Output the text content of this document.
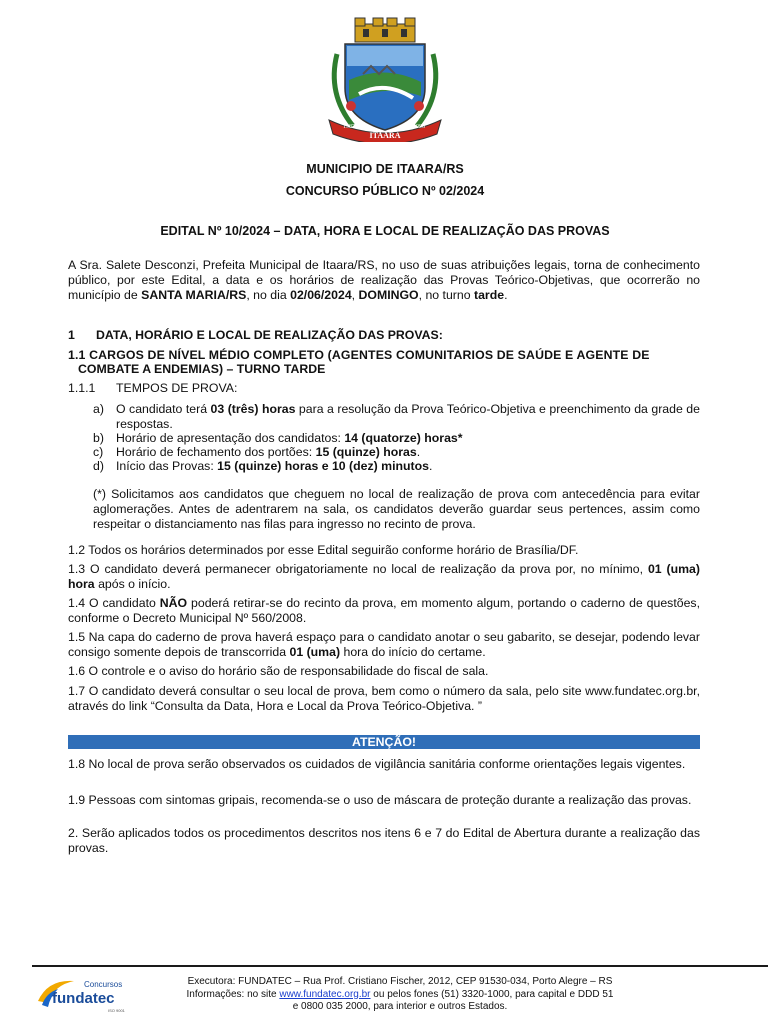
ITAARA
1987	1996
MUNICIPIO DE ITAARA/RS
CONCURSO PÚBLICO Nº 02/2024
EDITAL Nº 10/2024 – DATA, HORA E LOCAL DE REALIZAÇÃO DAS PROVAS
A Sra. Salete Desconzi, Prefeita Municipal de Itaara/RS, no uso de suas atribuições legais, torna de conhecimento público, por este Edital, a data e os horários de realização das Provas Teórico-Objetivas, que ocorrerão no município de SANTA MARIA/RS, no dia 02/06/2024, DOMINGO, no turno tarde.
1 DATA, HORÁRIO E LOCAL DE REALIZAÇÃO DAS PROVAS:
1.1 CARGOS DE NÍVEL MÉDIO COMPLETO (AGENTES COMUNITARIOS DE SAÚDE E AGENTE DE
COMBATE A ENDEMIAS) – TURNO TARDE
1.1.1 TEMPOS DE PROVA:
a) O candidato terá 03 (três) horas para a resolução da Prova Teórico-Objetiva e preenchimento da grade de respostas.
b) Horário de apresentação dos candidatos: 14 (quatorze) horas*
c) Horário de fechamento dos portões: 15 (quinze) horas.
d) Início das Provas: 15 (quinze) horas e 10 (dez) minutos.
(*) Solicitamos aos candidatos que cheguem no local de realização de prova com antecedência para evitar aglomerações. Antes de adentrarem na sala, os candidatos deverão guardar seus pertences, assim como respeitar o distanciamento nas filas para ingresso no recinto de prova.
1.2 Todos os horários determinados por esse Edital seguirão conforme horário de Brasília/DF.
1.3 O candidato deverá permanecer obrigatoriamente no local de realização da prova por, no mínimo, 01 (uma) hora após o início.
1.4 O candidato NÃO poderá retirar-se do recinto da prova, em momento algum, portando o caderno de questões, conforme o Decreto Municipal Nº 560/2008.
1.5 Na capa do caderno de prova haverá espaço para o candidato anotar o seu gabarito, se desejar, podendo levar consigo somente depois de transcorrida 01 (uma) hora do início do certame.
1.6 O controle e o aviso do horário são de responsabilidade do fiscal de sala.
1.7 O candidato deverá consultar o seu local de prova, bem como o número da sala, pelo site www.fundatec.org.br, através do link “Consulta da Data, Hora e Local da Prova Teórico-Objetiva. ”
ATENÇÃO!
1.8 No local de prova serão observados os cuidados de vigilância sanitária conforme orientações legais vigentes.
1.9 Pessoas com sintomas gripais, recomenda-se o uso de máscara de proteção durante a realização das provas.
2. Serão aplicados todos os procedimentos descritos nos itens 6 e 7 do Edital de Abertura durante a realização das provas.
Concursos
fundatec
ISO 9001
Executora: FUNDATEC – Rua Prof. Cristiano Fischer, 2012, CEP 91530-034, Porto Alegre – RS
Informações: no site www.fundatec.org.br ou pelos fones (51) 3320-1000, para capital e DDD 51
e 0800 035 2000, para interior e outros Estados.
